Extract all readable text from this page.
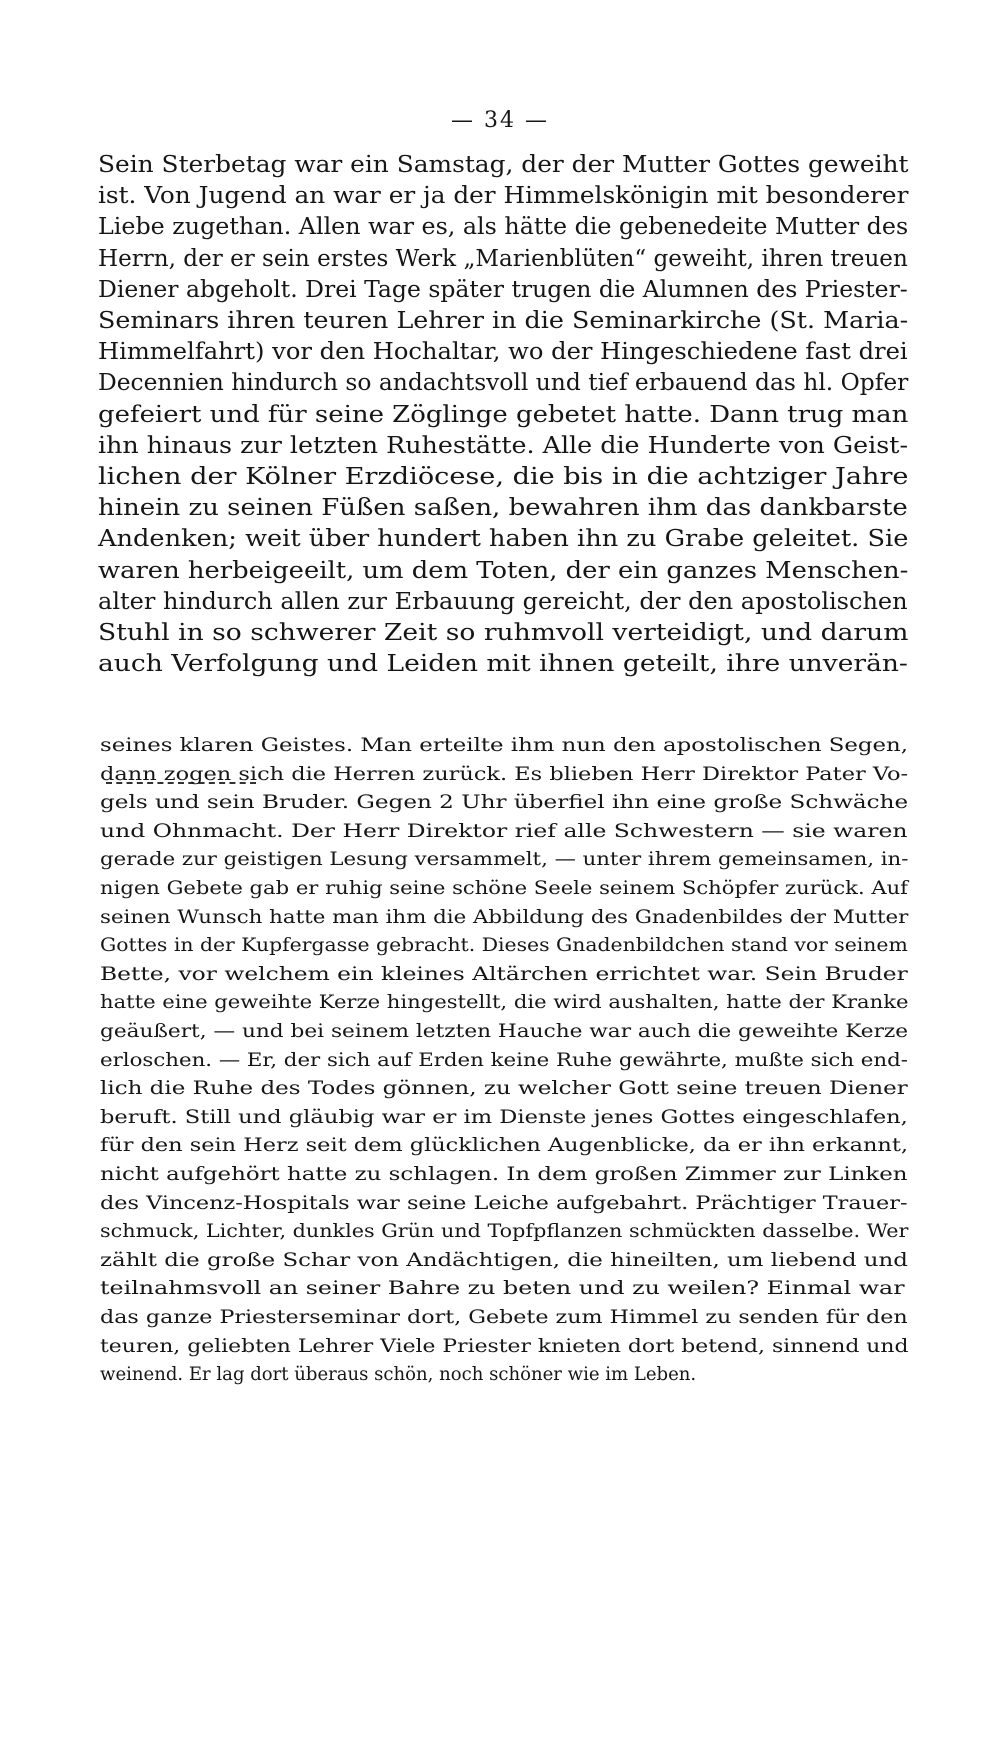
— 34 —
Sein Sterbetag war ein Samstag, der der Mutter Gottes geweiht
ist. Von Jugend an war er ja der Himmelskönigin mit besonderer
Liebe zugethan. Allen war es, als hätte die gebenedeite Mutter des
Herrn, der er sein erstes Werk „Marienblüten“ geweiht, ihren treuen
Diener abgeholt. Drei Tage später trugen die Alumnen des Priester-
Seminars ihren teuren Lehrer in die Seminarkirche (St. Maria-
Himmelfahrt) vor den Hochaltar, wo der Hingeschiedene fast drei
Decennien hindurch so andachtsvoll und tief erbauend das hl. Opfer
gefeiert und für seine Zöglinge gebetet hatte. Dann trug man
ihn hinaus zur letzten Ruhestätte. Alle die Hunderte von Geist-
lichen der Kölner Erzdiöcese, die bis in die achtziger Jahre
hinein zu seinen Füßen saßen, bewahren ihm das dankbarste
Andenken; weit über hundert haben ihn zu Grabe geleitet. Sie
waren herbeigeeilt, um dem Toten, der ein ganzes Menschen-
alter hindurch allen zur Erbauung gereicht, der den apostolischen
Stuhl in so schwerer Zeit so ruhmvoll verteidigt, und darum
auch Verfolgung und Leiden mit ihnen geteilt, ihre unverän-
seines klaren Geistes. Man erteilte ihm nun den apostolischen Segen,
dann zogen sich die Herren zurück. Es blieben Herr Direktor Pater Vo-
gels und sein Bruder. Gegen 2 Uhr überfiel ihn eine große Schwäche
und Ohnmacht. Der Herr Direktor rief alle Schwestern — sie waren
gerade zur geistigen Lesung versammelt, — unter ihrem gemeinsamen, in-
nigen Gebete gab er ruhig seine schöne Seele seinem Schöpfer zurück. Auf
seinen Wunsch hatte man ihm die Abbildung des Gnadenbildes der Mutter
Gottes in der Kupfergasse gebracht. Dieses Gnadenbildchen stand vor seinem
Bette, vor welchem ein kleines Altärchen errichtet war. Sein Bruder
hatte eine geweihte Kerze hingestellt, die wird aushalten, hatte der Kranke
geäußert, — und bei seinem letzten Hauche war auch die geweihte Kerze
erloschen. — Er, der sich auf Erden keine Ruhe gewährte, mußte sich end-
lich die Ruhe des Todes gönnen, zu welcher Gott seine treuen Diener
beruft. Still und gläubig war er im Dienste jenes Gottes eingeschlafen,
für den sein Herz seit dem glücklichen Augenblicke, da er ihn erkannt,
nicht aufgehört hatte zu schlagen. In dem großen Zimmer zur Linken
des Vincenz-Hospitals war seine Leiche aufgebahrt. Prächtiger Trauer-
schmuck, Lichter, dunkles Grün und Topfpflanzen schmückten dasselbe. Wer
zählt die große Schar von Andächtigen, die hineilten, um liebend und
teilnahmsvoll an seiner Bahre zu beten und zu weilen? Einmal war
das ganze Priesterseminar dort, Gebete zum Himmel zu senden für den
teuren, geliebten Lehrer Viele Priester knieten dort betend, sinnend und
weinend. Er lag dort überaus schön, noch schöner wie im Leben.
